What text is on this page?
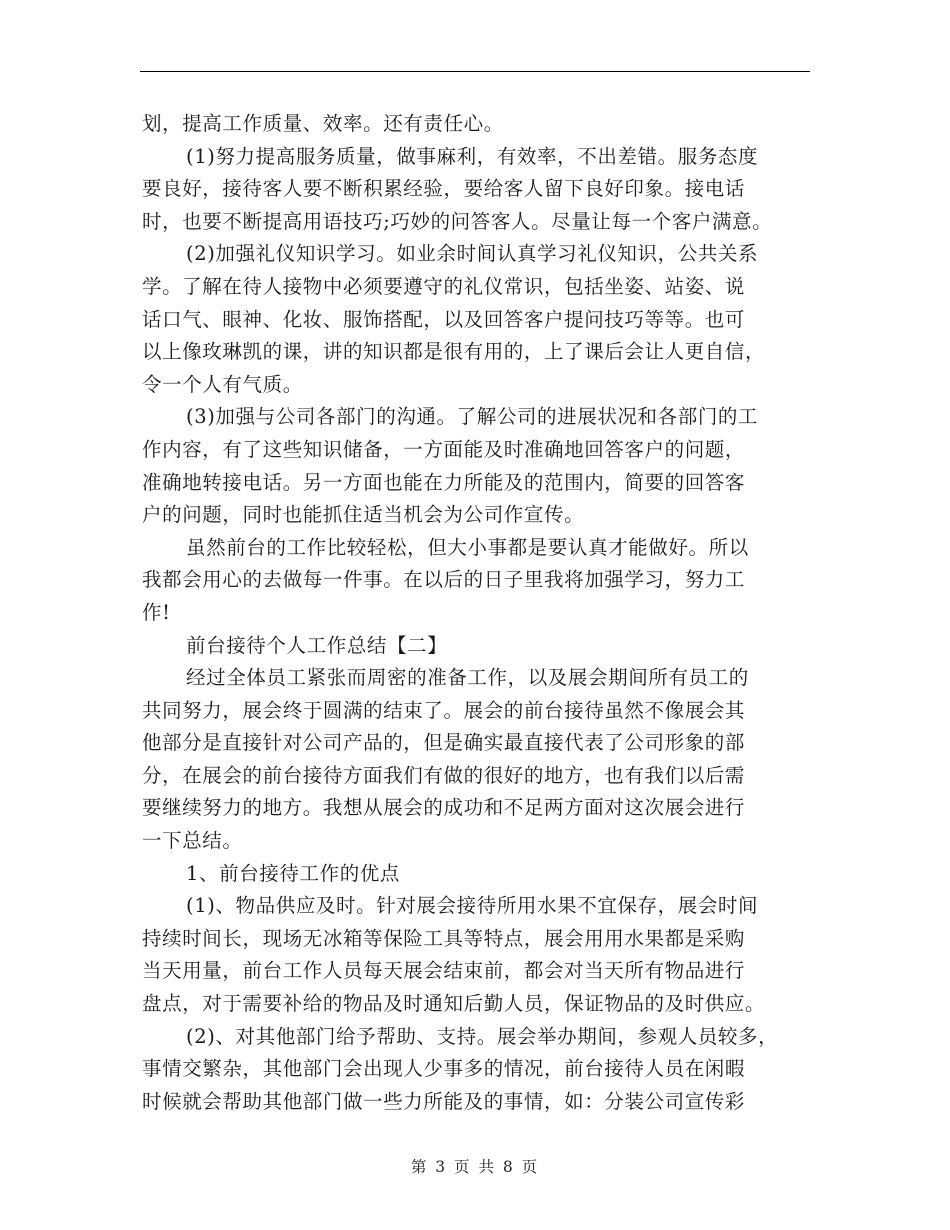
划，提高工作质量、效率。还有责任心。
(1)努力提高服务质量，做事麻利，有效率，不出差错。服务态度
要良好，接待客人要不断积累经验，要给客人留下良好印象。接电话
时，也要不断提高用语技巧;巧妙的问答客人。尽量让每一个客户满意。
(2)加强礼仪知识学习。如业余时间认真学习礼仪知识，公共关系
学。了解在待人接物中必须要遵守的礼仪常识，包括坐姿、站姿、说
话口气、眼神、化妆、服饰搭配，以及回答客户提问技巧等等。也可
以上像玫琳凯的课，讲的知识都是很有用的，上了课后会让人更自信，
令一个人有气质。
(3)加强与公司各部门的沟通。了解公司的进展状况和各部门的工
作内容，有了这些知识储备，一方面能及时准确地回答客户的问题，
准确地转接电话。另一方面也能在力所能及的范围内，简要的回答客
户的问题，同时也能抓住适当机会为公司作宣传。
虽然前台的工作比较轻松，但大小事都是要认真才能做好。所以
我都会用心的去做每一件事。在以后的日子里我将加强学习，努力工
作!
前台接待个人工作总结【二】
经过全体员工紧张而周密的准备工作，以及展会期间所有员工的
共同努力，展会终于圆满的结束了。展会的前台接待虽然不像展会其
他部分是直接针对公司产品的，但是确实最直接代表了公司形象的部
分，在展会的前台接待方面我们有做的很好的地方，也有我们以后需
要继续努力的地方。我想从展会的成功和不足两方面对这次展会进行
一下总结。
1、前台接待工作的优点
(1)、物品供应及时。针对展会接待所用水果不宜保存，展会时间
持续时间长，现场无冰箱等保险工具等特点，展会用用水果都是采购
当天用量，前台工作人员每天展会结束前，都会对当天所有物品进行
盘点，对于需要补给的物品及时通知后勤人员，保证物品的及时供应。
(2)、对其他部门给予帮助、支持。展会举办期间，参观人员较多，
事情交繁杂，其他部门会出现人少事多的情况，前台接待人员在闲暇
时候就会帮助其他部门做一些力所能及的事情，如：分装公司宣传彩
第 3 页 共 8 页
